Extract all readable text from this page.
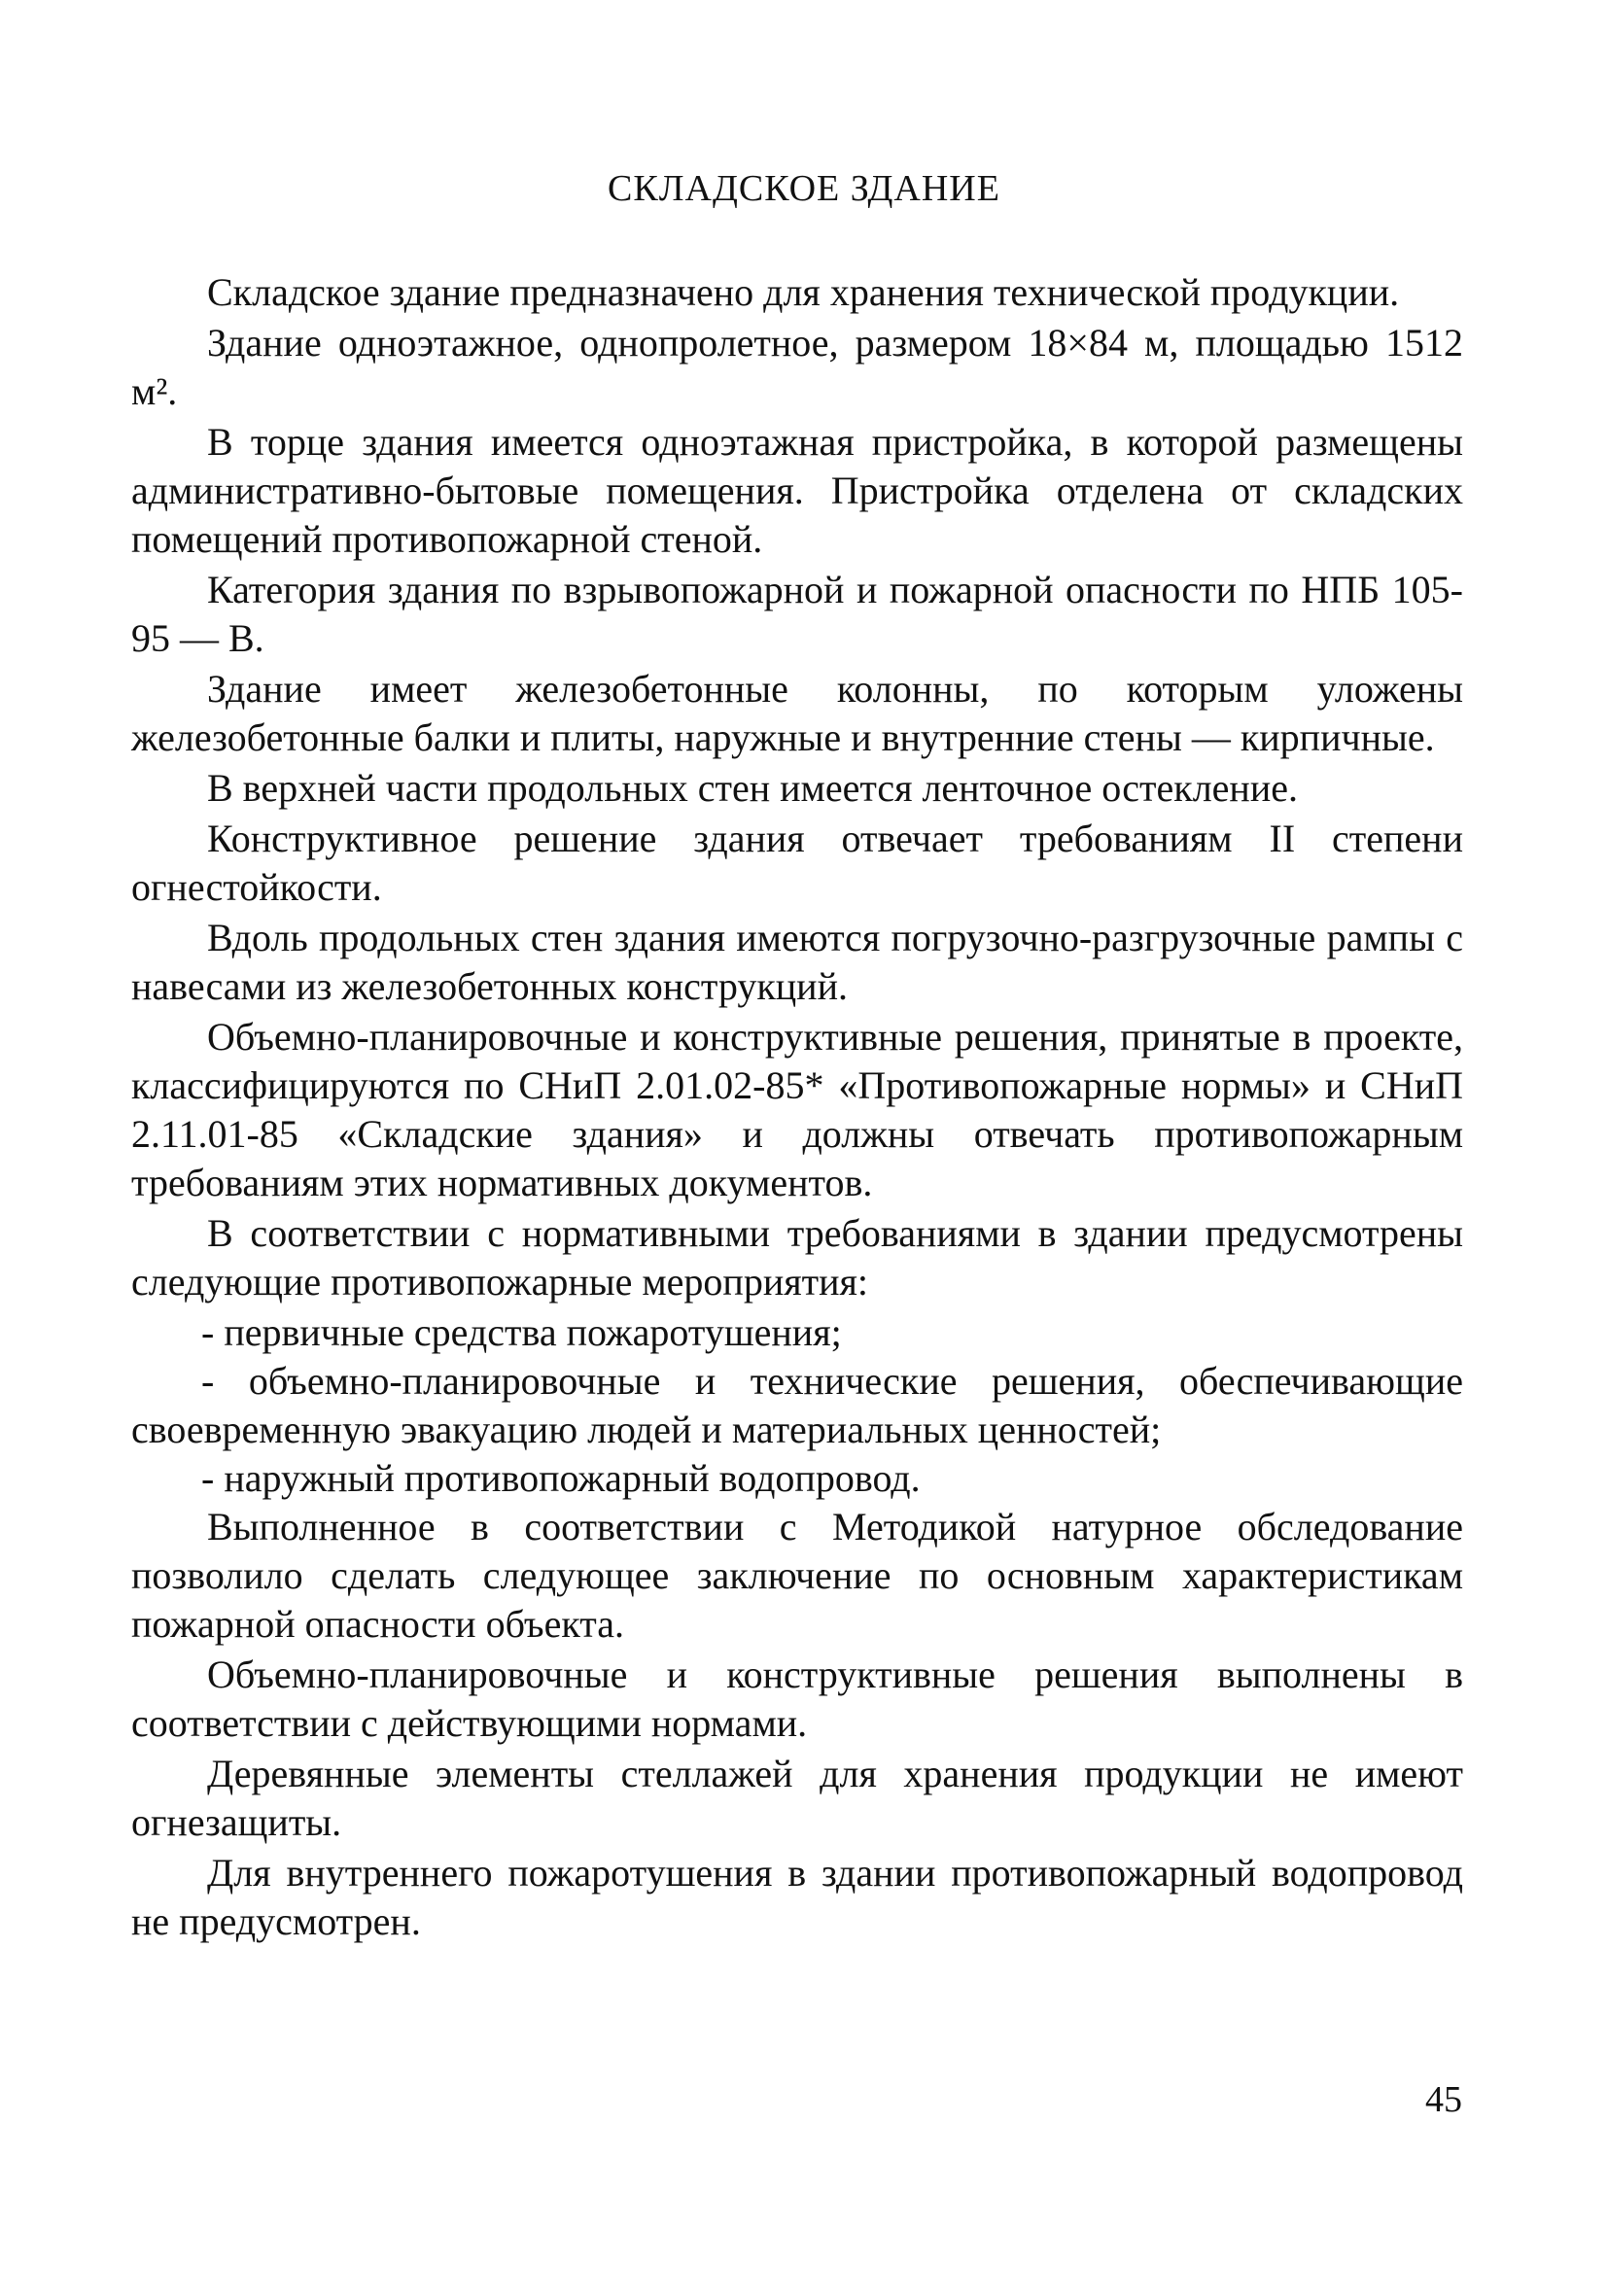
СКЛАДСКОЕ ЗДАНИЕ

Складское здание предназначено для хранения технической продукции.

Здание одноэтажное, однопролетное, размером 18×84 м, площадью 1512 м².

В торце здания имеется одноэтажная пристройка, в которой размещены административно-бытовые помещения. Пристройка отделена от складских помещений противопожарной стеной.

Категория здания по взрывопожарной и пожарной опасности по НПБ 105-95 — В.

Здание имеет железобетонные колонны, по которым уложены железобетонные балки и плиты, наружные и внутренние стены — кирпичные.

В верхней части продольных стен имеется ленточное остекление.

Конструктивное решение здания отвечает требованиям II степени огнестойкости.

Вдоль продольных стен здания имеются погрузочно-разгрузочные рампы с навесами из железобетонных конструкций.

Объемно-планировочные и конструктивные решения, принятые в проекте, классифицируются по СНиП 2.01.02-85* «Противопожарные нормы» и СНиП 2.11.01-85 «Складские здания» и должны отвечать противопожарным требованиям этих нормативных документов.

В соответствии с нормативными требованиями в здании предусмотрены следующие противопожарные мероприятия:

- первичные средства пожаротушения;

- объемно-планировочные и технические решения, обеспечивающие своевременную эвакуацию людей и материальных ценностей;

- наружный противопожарный водопровод.

Выполненное в соответствии с Методикой натурное обследование позволило сделать следующее заключение по основным характеристикам пожарной опасности объекта.

Объемно-планировочные и конструктивные решения выполнены в соответствии с действующими нормами.

Деревянные элементы стеллажей для хранения продукции не имеют огнезащиты.

Для внутреннего пожаротушения в здании противопожарный водопровод не предусмотрен.

45
